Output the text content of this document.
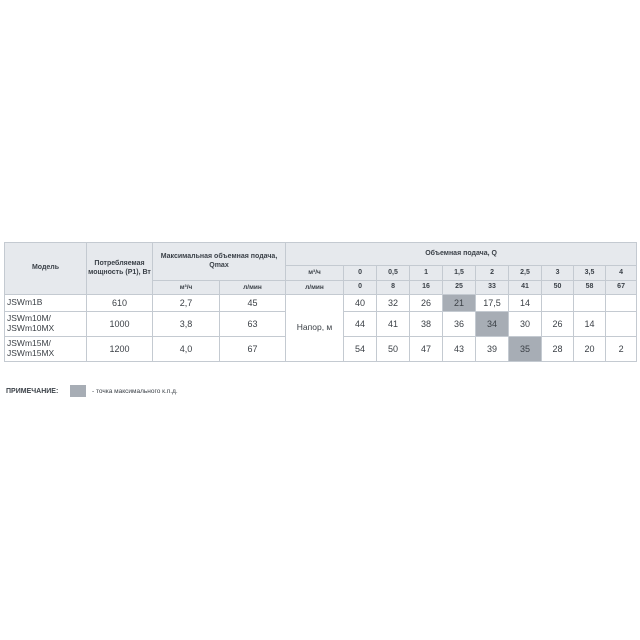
Модель	Потребляемая мощность (P1), Вт	Максимальная объемная подача, Qmax		Объемная подача, Q									
				м³/ч	0	0,5	1	1,5	2	2,5	3	3,5	4
		м³/ч	л/мин	л/мин	0	8	16	25	33	41	50	58	67
JSWm1B	610	2,7	45	Напор, м	40	32	26	21	17,5	14			
JSWm10M/ JSWm10MX	1000	3,8	63		44	41	38	36	34	30	26	14	
JSWm15M/ JSWm15MX	1200	4,0	67		54	50	47	43	39	35	28	20	2
ПРИМЕЧАНИЕ:	- точка максимального к.п.д.
